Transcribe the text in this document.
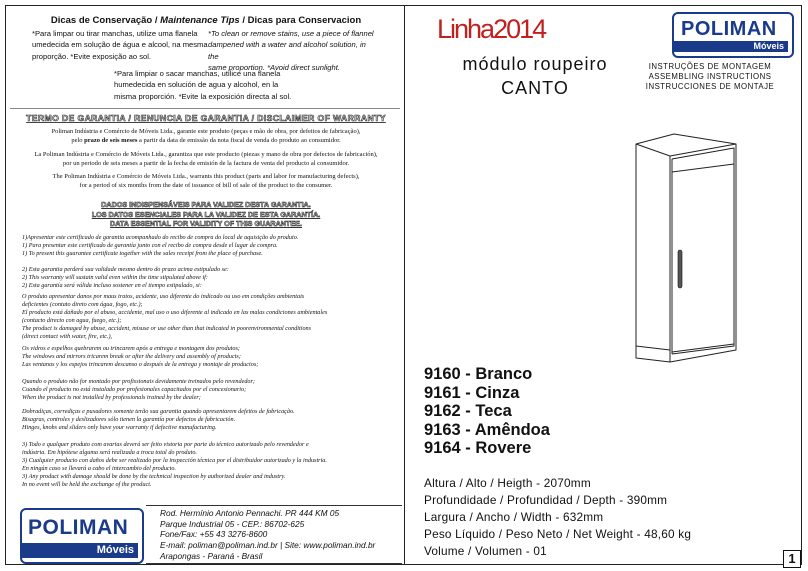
Dicas de Conservação / Maintenance Tips / Dicas para Conservacion
*Para limpar ou tirar manchas, utilize uma flanela
umedecida em solução de água e alcool, na mesma
proporção. *Evite exposição ao sol.
*To clean or remove stains, use a piece of flannel
dampened with a water and alcohol solution, in the
same proportion. *Avoid direct sunlight.
*Para limpiar o sacar manchas, utilice una flanela
humedecida en solución de agua y alcohol, en la
misma proporción. *Evite la exposición directa al sol.
TERMO DE GARANTIA / RENUNCIA DE GARANTIA / DISCLAIMER OF WARRANTY
Poliman Indústria e Comércio de Móveis Ltda., garante este produto (peças e mão de obra, por defeitos de fabricação),
pelo prazo de seis meses a partir da data de emissão da nota fiscal de venda do produto ao consumidor.
La Poliman Indústria e Comércio de Móveis Ltda., garantiza que este producto (piezas y mano de obra por defectos de fabricación),
por un periodo de seis meses a partir de la fecha de emisión de la factura de venta del producto al consumidor.
The Poliman Indústria e Comércio de Móveis Ltda., warrants this product (parts and labor for manufacturing defects),
for a period of six months from the date of issuance of bill of sale of the product to the consumer.
DADOS INDISPENSÁVEIS PARA VALIDEZ DESTA GARANTIA.
LOS DATOS ESENCIALES PARA LA VALIDEZ DE ESTA GARANTÍA.
DATA ESSENTIAL FOR VALIDITY OF THIS GUARANTEE.
1)Apresentar este certificado de garantia acompanhado do recibo de compra do local de aquisição do produto.
1) Para presentar este certificado de garantía junto con el recibo de compra desde el lugar de compra.
1) To present this guarantee certificate together with the sales receipt from the place of purchase.
2) Esta garantia perderá sua validade mesmo dentro do prazo acima estipulado se:
2) This warranty will sustain valid even within the time stipulated above if:
2) Esta garantía será válida incluso sostener en el tiempo estipulado, si:
O produto apresentar danos por maus tratos, acidente, uso diferente do indicado ou uso em condições ambientais
deficientes (contato direto com água, fogo, etc.);
El producto está dañado por el abuso, accidente, mal uso o uso diferente al indicado en las malas condiciones ambientales
(contacto directo con agua, fuego, etc.);
The product is damaged by abuse, accident, misuse or use other than that indicated in poorenvironmental conditions
(direct contact with water, fire, etc.),
Os vidros e espelhos quebrarem ou trincarem após a entrega e montagem dos produtos;
The windows and mirrors tricarem break or after the delivery and assembly of products;
Las ventanas y los espejos trincarem descanso o después de la entrega y montaje de productos;
Quando o produto não for montado por profissionais devidamente treinados pelo revendedor;
Cuando el producto no está instalado por profesionales capacitados por el concesionario;
When the product is not installed by professionals trained by the dealer;
Dobradiças, corrediças e puxadores somente terão sua garantia quando apresentarem defeitos de fabricação.
Bisagras, controles y deslizadores sólo tienen la garantía por defectos de fabricación.
Hinges, knobs and sliders only have your warranty if defective manufacturing.
3) Todo e qualquer produto com avarias deverá ser feito vistoria por parte do técnico autorizado pelo revendedor e
indústria. Em hipótese alguma será realizada a troca total do produto.
3) Cualquier producto con daños debe ser realizado por la inspección técnica por el distribuidor autorizado y la industria.
En ningún caso se llevará a cabo el intercambio del producto.
3) Any product with damage should be done by the technical inspection by authorized dealer and industry.
In no event will be held the exchange of the product.
POLIMAN
Móveis
Rod. Hermínio Antonio Pennachi. PR 444 KM 05
Parque Industrial 05 - CEP.: 86702-625
Fone/Fax: +55 43 3276-8600
E-mail: poliman@poliman.ind.br | Site: www.poliman.ind.br
Arapongas - Paraná - Brasil
Linha2014	POLIMAN
Móveis
módulo roupeiro
CANTO
INSTRUÇÕES DE MONTAGEM
ASSEMBLING INSTRUCTIONS
INSTRUCCIONES DE MONTAJE
9160 - Branco
9161 - Cinza
9162 - Teca
9163 - Amêndoa
9164 - Rovere
Altura / Alto / Heigth - 2070mm
Profundidade / Profundidad / Depth - 390mm
Largura / Ancho / Width - 632mm
Peso Líquido / Peso Neto / Net Weight - 48,60 kg
Volume / Volumen - 01	1
